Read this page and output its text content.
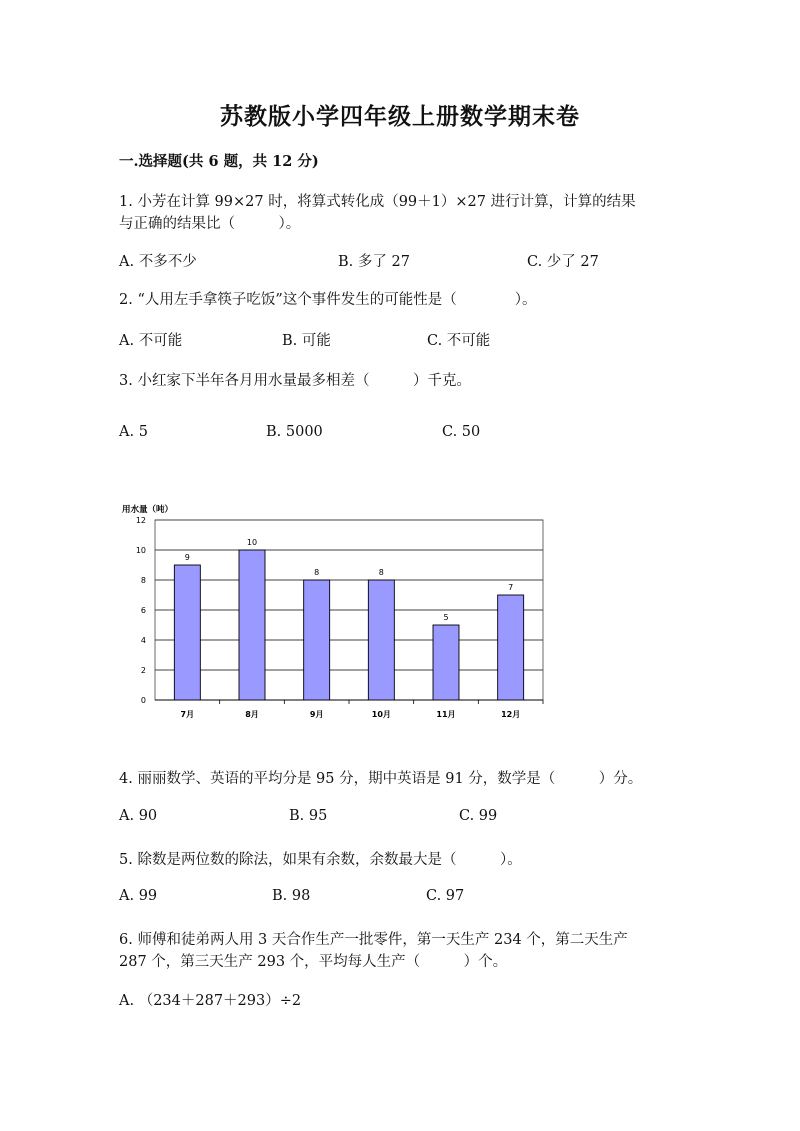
苏教版小学四年级上册数学期末卷
一.选择题(共 6 题，共 12 分)
1. 小芳在计算 99×27 时，将算式转化成（99＋1）×27 进行计算，计算的结果
与正确的结果比（　　　）。
A. 不多不少	B. 多了 27	C. 少了 27
2. “人用左手拿筷子吃饭”这个事件发生的可能性是（　　　　）。
A. 不可能	B. 可能	C. 不可能
3. 小红家下半年各月用水量最多相差（　　　）千克。
A. 5	B. 5000	C. 50
用水量（吨）
0
2
4
6
8
10
12
9
7月
10
8月
8
9月
8
10月
5
11月
7
12月
4. 丽丽数学、英语的平均分是 95 分，期中英语是 91 分，数学是（　　　）分。
A. 90	B. 95	C. 99
5. 除数是两位数的除法，如果有余数，余数最大是（　　　）。
A. 99	B. 98	C. 97
6. 师傅和徒弟两人用 3 天合作生产一批零件，第一天生产 234 个，第二天生产
287 个，第三天生产 293 个，平均每人生产（　　　）个。
A. （234＋287＋293）÷2
